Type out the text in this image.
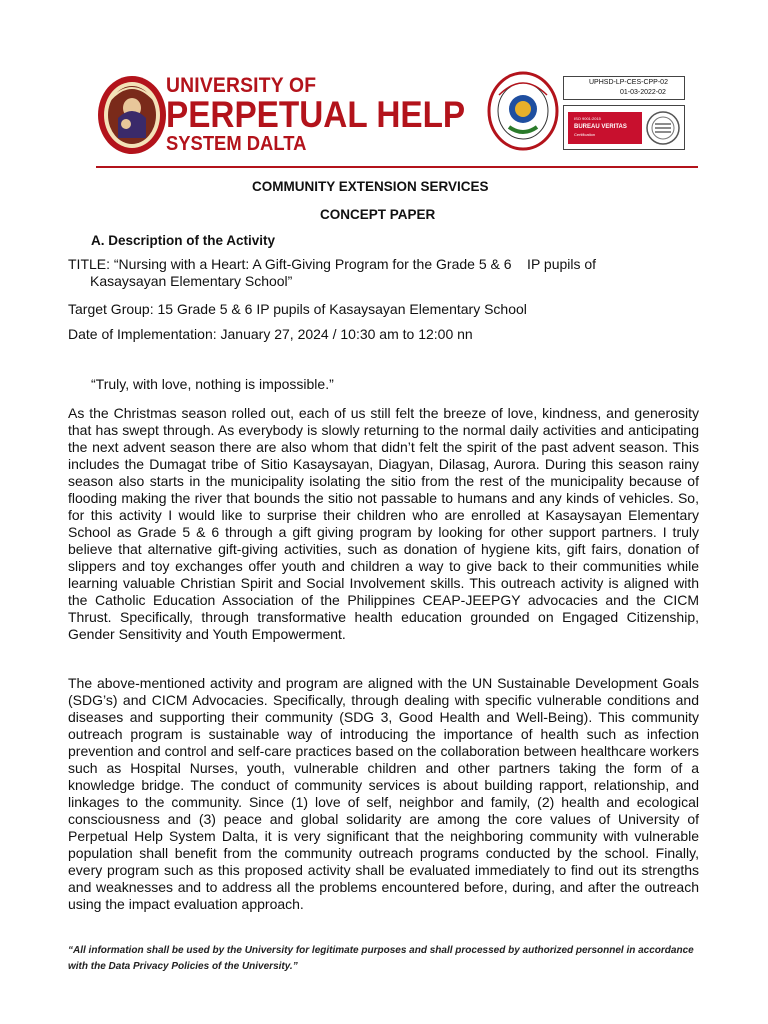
UNIVERSITY OF
PERPETUAL HELP
SYSTEM DALTA
UPHSD-LP-CES-CPP-02
01-03-2022-02
ISO 9001:2015
BUREAU VERITAS
Certification
COMMUNITY EXTENSION SERVICES
CONCEPT PAPER
A. Description of the Activity
TITLE: “Nursing with a Heart: A Gift-Giving Program for the Grade 5 & 6    IP pupils of
Kasaysayan Elementary School”
Target Group: 15 Grade 5 & 6 IP pupils of Kasaysayan Elementary School
Date of Implementation: January 27, 2024 / 10:30 am to 12:00 nn
“Truly, with love, nothing is impossible.”
As the Christmas season rolled out, each of us still felt the breeze of love, kindness, and generosity that has swept through. As everybody is slowly returning to the normal daily activities and anticipating the next advent season there are also whom that didn’t felt the spirit of the past advent season. This includes the Dumagat tribe of Sitio Kasaysayan, Diagyan, Dilasag, Aurora. During this season rainy season also starts in the municipality isolating the sitio from the rest of the municipality because of flooding making the river that bounds the sitio not passable to humans and any kinds of vehicles. So, for this activity I would like to surprise their children who are enrolled at Kasaysayan Elementary School as Grade 5 & 6 through a gift giving program by looking for other support partners. I truly believe that alternative gift-giving activities, such as donation of hygiene kits, gift fairs, donation of slippers and toy exchanges offer youth and children a way to give back to their communities while learning valuable Christian Spirit and Social Involvement skills. This outreach activity is aligned with the Catholic Education Association of the Philippines CEAP-JEEPGY advocacies and the CICM Thrust. Specifically, through transformative health education grounded on Engaged Citizenship, Gender Sensitivity and Youth Empowerment.
The above-mentioned activity and program are aligned with the UN Sustainable Development Goals (SDG’s) and CICM Advocacies. Specifically, through dealing with specific vulnerable conditions and diseases and supporting their community (SDG 3, Good Health and Well-Being). This community outreach program is sustainable way of introducing the importance of health such as infection prevention and control and self-care practices based on the collaboration between healthcare workers such as Hospital Nurses, youth, vulnerable children and other partners taking the form of a knowledge bridge. The conduct of community services is about building rapport, relationship, and linkages to the community. Since (1) love of self, neighbor and family, (2) health and ecological consciousness and (3) peace and global solidarity are among the core values of University of Perpetual Help System Dalta, it is very significant that the neighboring community with vulnerable population shall benefit from the community outreach programs conducted by the school. Finally, every program such as this proposed activity shall be evaluated immediately to find out its strengths and weaknesses and to address all the problems encountered before, during, and after the outreach using the impact evaluation approach.
“All information shall be used by the University for legitimate purposes and shall processed by authorized personnel in accordance with the Data Privacy Policies of the University.”
